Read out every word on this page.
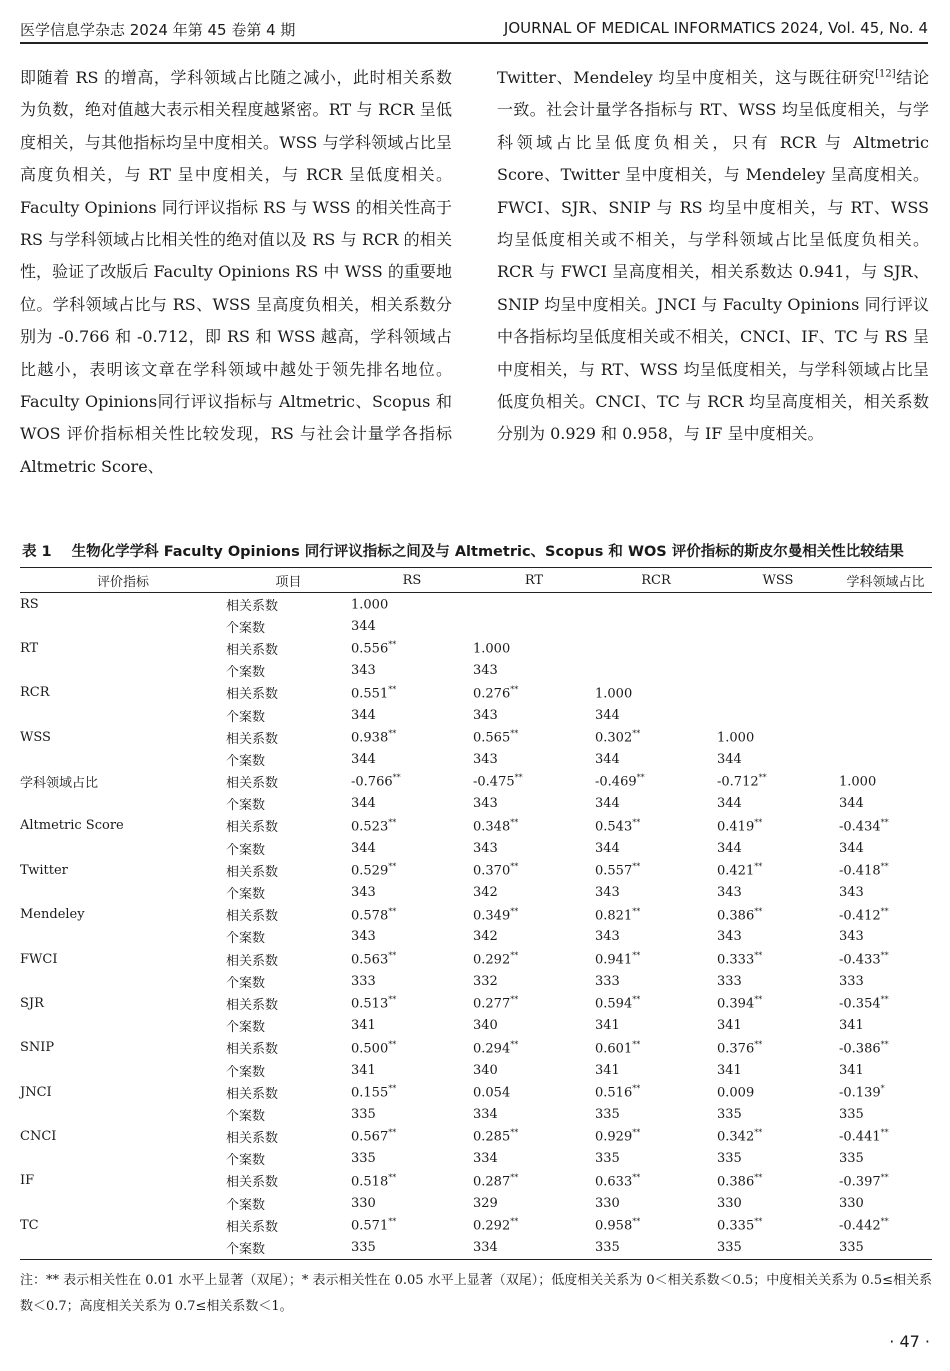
医学信息学杂志 2024 年第 45 卷第 4 期	JOURNAL OF MEDICAL INFORMATICS 2024, Vol. 45, No. 4

即随着 RS 的增高，学科领域占比随之减小，此时相关系数为负数，绝对值越大表示相关程度越紧密。RT 与 RCR 呈低度相关，与其他指标均呈中度相关。WSS 与学科领域占比呈高度负相关，与 RT 呈中度相关，与 RCR 呈低度相关。Faculty Opinions 同行评议指标 RS 与 WSS 的相关性高于 RS 与学科领域占比相关性的绝对值以及 RS 与 RCR 的相关性，验证了改版后 Faculty Opinions RS 中 WSS 的重要地位。学科领域占比与 RS、WSS 呈高度负相关，相关系数分别为 -0.766 和 -0.712，即 RS 和 WSS 越高，学科领域占比越小，表明该文章在学科领域中越处于领先排名地位。Faculty Opinions同行评议指标与 Altmetric、Scopus 和 WOS 评价指标相关性比较发现，RS 与社会计量学各指标 Altmetric Score、

Twitter、Mendeley 均呈中度相关，这与既往研究[12]结论一致。社会计量学各指标与 RT、WSS 均呈低度相关，与学科领域占比呈低度负相关，只有 RCR 与 Altmetric Score、Twitter 呈中度相关，与 Mendeley 呈高度相关。FWCI、SJR、SNIP 与 RS 均呈中度相关，与 RT、WSS 均呈低度相关或不相关，与学科领域占比呈低度负相关。RCR 与 FWCI 呈高度相关，相关系数达 0.941，与 SJR、SNIP 均呈中度相关。JNCI 与 Faculty Opinions 同行评议中各指标均呈低度相关或不相关，CNCI、IF、TC 与 RS 呈中度相关，与 RT、WSS 均呈低度相关，与学科领域占比呈低度负相关。CNCI、TC 与 RCR 均呈高度相关，相关系数分别为 0.929 和 0.958，与 IF 呈中度相关。

表 1 生物化学学科 Faculty Opinions 同行评议指标之间及与 Altmetric、Scopus 和 WOS 评价指标的斯皮尔曼相关性比较结果
评价指标	项目	RS	RT	RCR	WSS	学科领域占比
RS	相关系数	1.000				
	个案数	344				
RT	相关系数	0.556**	1.000			
	个案数	343	343			
RCR	相关系数	0.551**	0.276**	1.000		
	个案数	344	343	344		
WSS	相关系数	0.938**	0.565**	0.302**	1.000	
	个案数	344	343	344	344	
学科领域占比	相关系数	-0.766**	-0.475**	-0.469**	-0.712**	1.000
	个案数	344	343	344	344	344
Altmetric Score	相关系数	0.523**	0.348**	0.543**	0.419**	-0.434**
	个案数	344	343	344	344	344
Twitter	相关系数	0.529**	0.370**	0.557**	0.421**	-0.418**
	个案数	343	342	343	343	343
Mendeley	相关系数	0.578**	0.349**	0.821**	0.386**	-0.412**
	个案数	343	342	343	343	343
FWCI	相关系数	0.563**	0.292**	0.941**	0.333**	-0.433**
	个案数	333	332	333	333	333
SJR	相关系数	0.513**	0.277**	0.594**	0.394**	-0.354**
	个案数	341	340	341	341	341
SNIP	相关系数	0.500**	0.294**	0.601**	0.376**	-0.386**
	个案数	341	340	341	341	341
JNCI	相关系数	0.155**	0.054	0.516**	0.009	-0.139*
	个案数	335	334	335	335	335
CNCI	相关系数	0.567**	0.285**	0.929**	0.342**	-0.441**
	个案数	335	334	335	335	335
IF	相关系数	0.518**	0.287**	0.633**	0.386**	-0.397**
	个案数	330	329	330	330	330
TC	相关系数	0.571**	0.292**	0.958**	0.335**	-0.442**
	个案数	335	334	335	335	335

注：** 表示相关性在 0.01 水平上显著（双尾）；* 表示相关性在 0.05 水平上显著（双尾）；低度相关关系为 0＜相关系数＜0.5；中度相关关系为 0.5≤相关系数＜0.7；高度相关关系为 0.7≤相关系数＜1。

· 47 ·
